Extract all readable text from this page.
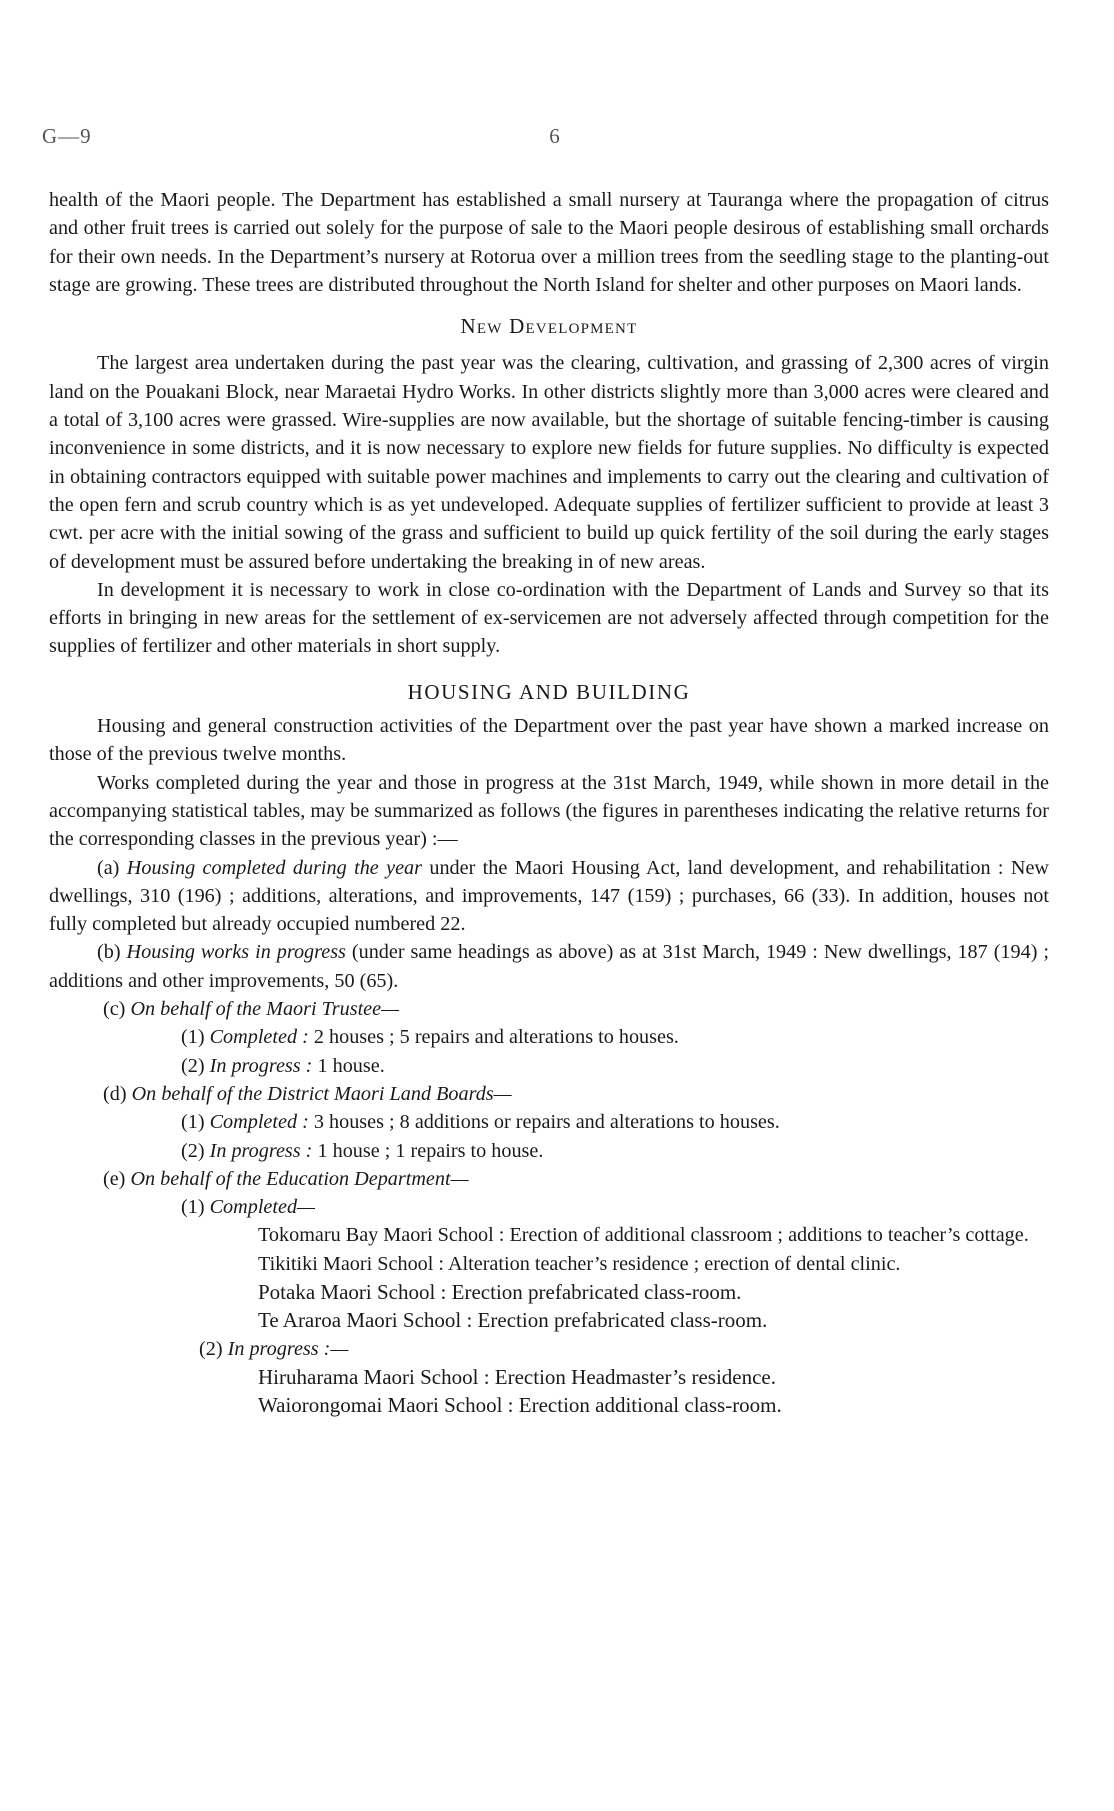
G—9	6

health of the Maori people. The Department has established a small nursery at Tauranga where the propagation of citrus and other fruit trees is carried out solely for the purpose of sale to the Maori people desirous of establishing small orchards for their own needs. In the Department’s nursery at Rotorua over a million trees from the seedling stage to the planting-out stage are growing. These trees are distributed throughout the North Island for shelter and other purposes on Maori lands.

New Development

The largest area undertaken during the past year was the clearing, cultivation, and grassing of 2,300 acres of virgin land on the Pouakani Block, near Maraetai Hydro Works. In other districts slightly more than 3,000 acres were cleared and a total of 3,100 acres were grassed. Wire-supplies are now available, but the shortage of suitable fencing-timber is causing inconvenience in some districts, and it is now necessary to explore new fields for future supplies. No difficulty is expected in obtaining contractors equipped with suitable power machines and implements to carry out the clearing and cultivation of the open fern and scrub country which is as yet undeveloped. Adequate supplies of fertilizer sufficient to provide at least 3 cwt. per acre with the initial sowing of the grass and sufficient to build up quick fertility of the soil during the early stages of development must be assured before undertaking the breaking in of new areas.

In development it is necessary to work in close co-ordination with the Department of Lands and Survey so that its efforts in bringing in new areas for the settlement of ex-servicemen are not adversely affected through competition for the supplies of fertilizer and other materials in short supply.

HOUSING AND BUILDING

Housing and general construction activities of the Department over the past year have shown a marked increase on those of the previous twelve months.

Works completed during the year and those in progress at the 31st March, 1949, while shown in more detail in the accompanying statistical tables, may be summarized as follows (the figures in parentheses indicating the relative returns for the corresponding classes in the previous year) :—

(a) Housing completed during the year under the Maori Housing Act, land development, and rehabilitation : New dwellings, 310 (196) ; additions, alterations, and improvements, 147 (159) ; purchases, 66 (33). In addition, houses not fully completed but already occupied numbered 22.

(b) Housing works in progress (under same headings as above) as at 31st March, 1949 : New dwellings, 187 (194) ; additions and other improvements, 50 (65).

(c) On behalf of the Maori Trustee—

(1) Completed : 2 houses ; 5 repairs and alterations to houses.

(2) In progress : 1 house.

(d) On behalf of the District Maori Land Boards—

(1) Completed : 3 houses ; 8 additions or repairs and alterations to houses.

(2) In progress : 1 house ; 1 repairs to house.

(e) On behalf of the Education Department—

(1) Completed—

Tokomaru Bay Maori School : Erection of additional classroom ; additions to teacher’s cottage.

Tikitiki Maori School : Alteration teacher’s residence ; erection of dental clinic.

Potaka Maori School : Erection prefabricated class-room.

Te Araroa Maori School : Erection prefabricated class-room.

(2) In progress :—

Hiruharama Maori School : Erection Headmaster’s residence.

Waiorongomai Maori School : Erection additional class-room.
